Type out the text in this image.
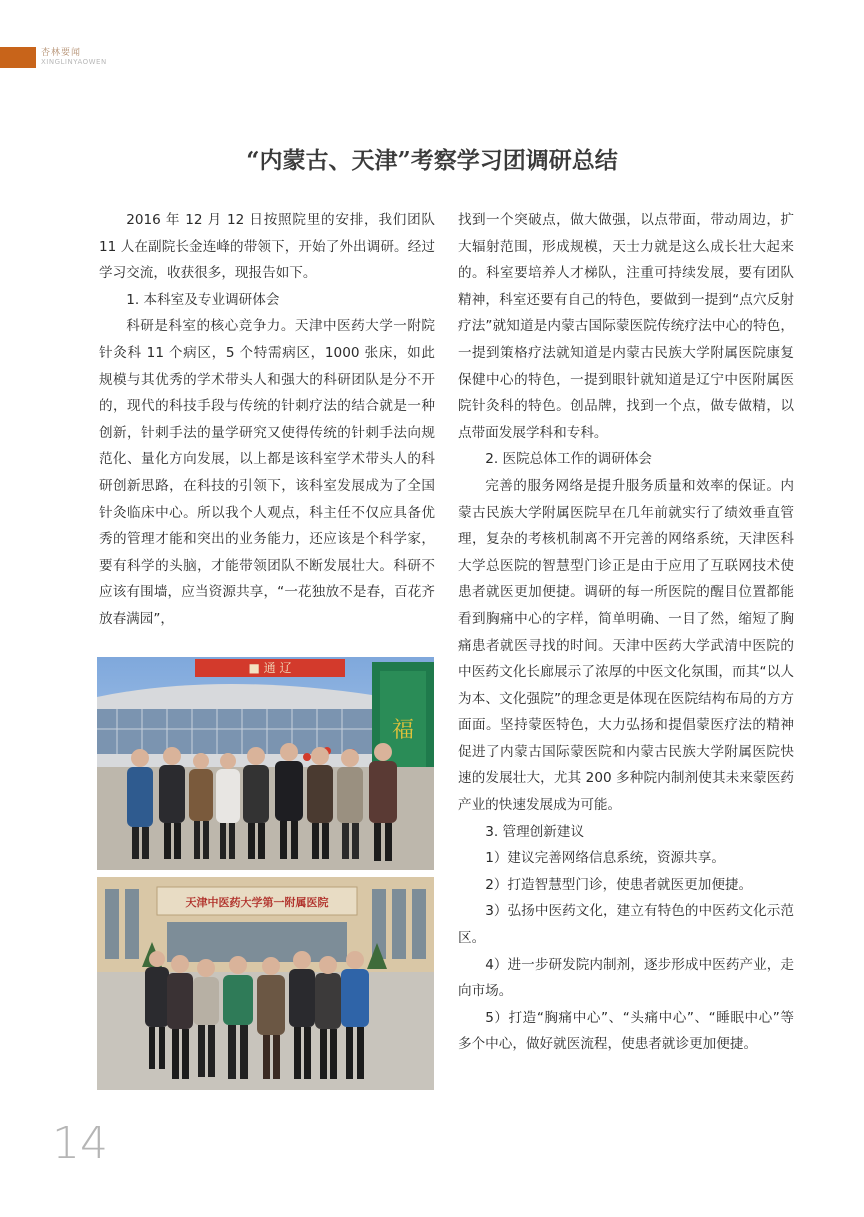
杏林要闻
XINGLINYAOWEN
“内蒙古、天津”考察学习团调研总结

2016 年 12 月 12 日按照院里的安排，我们团队 11 人在副院长金连峰的带领下，开始了外出调研。经过学习交流，收获很多，现报告如下。

1. 本科室及专业调研体会

科研是科室的核心竞争力。天津中医药大学一附院针灸科 11 个病区，5 个特需病区，1000 张床，如此规模与其优秀的学术带头人和强大的科研团队是分不开的，现代的科技手段与传统的针刺疗法的结合就是一种创新，针刺手法的量学研究又使得传统的针刺手法向规范化、量化方向发展，以上都是该科室学术带头人的科研创新思路，在科技的引领下，该科室发展成为了全国针灸临床中心。所以我个人观点，科主任不仅应具备优秀的管理才能和突出的业务能力，还应该是个科学家，要有科学的头脑，才能带领团队不断发展壮大。科研不应该有围墙，应当资源共享，“一花独放不是春，百花齐放春满园”，

找到一个突破点，做大做强，以点带面，带动周边，扩大辐射范围，形成规模，天士力就是这么成长壮大起来的。科室要培养人才梯队，注重可持续发展，要有团队精神，科室还要有自己的特色，要做到一提到“点穴反射疗法”就知道是内蒙古国际蒙医院传统疗法中心的特色，一提到策格疗法就知道是内蒙古民族大学附属医院康复保健中心的特色，一提到眼针就知道是辽宁中医附属医院针灸科的特色。创品牌，找到一个点，做专做精，以点带面发展学科和专科。

2. 医院总体工作的调研体会

完善的服务网络是提升服务质量和效率的保证。内蒙古民族大学附属医院早在几年前就实行了绩效垂直管理，复杂的考核机制离不开完善的网络系统，天津医科大学总医院的智慧型门诊正是由于应用了互联网技术使患者就医更加便捷。调研的每一所医院的醒目位置都能看到胸痛中心的字样，简单明确、一目了然，缩短了胸痛患者就医寻找的时间。天津中医药大学武清中医院的中医药文化长廊展示了浓厚的中医文化氛围，而其“以人为本、文化强院”的理念更是体现在医院结构布局的方方面面。坚持蒙医特色，大力弘扬和提倡蒙医疗法的精神促进了内蒙古国际蒙医院和内蒙古民族大学附属医院快速的发展壮大，尤其 200 多种院内制剂使其未来蒙医药产业的快速发展成为可能。

3. 管理创新建议

1）建议完善网络信息系统，资源共享。

2）打造智慧型门诊，使患者就医更加便捷。

3）弘扬中医药文化，建立有特色的中医药文化示范区。

4）进一步研发院内制剂，逐步形成中医药产业，走向市场。

5）打造“胸痛中心”、“头痛中心”、“睡眠中心”等多个中心，做好就医流程，使患者就诊更加便捷。

■ 通 辽
福
天津中医药大学第一附属医院
14
